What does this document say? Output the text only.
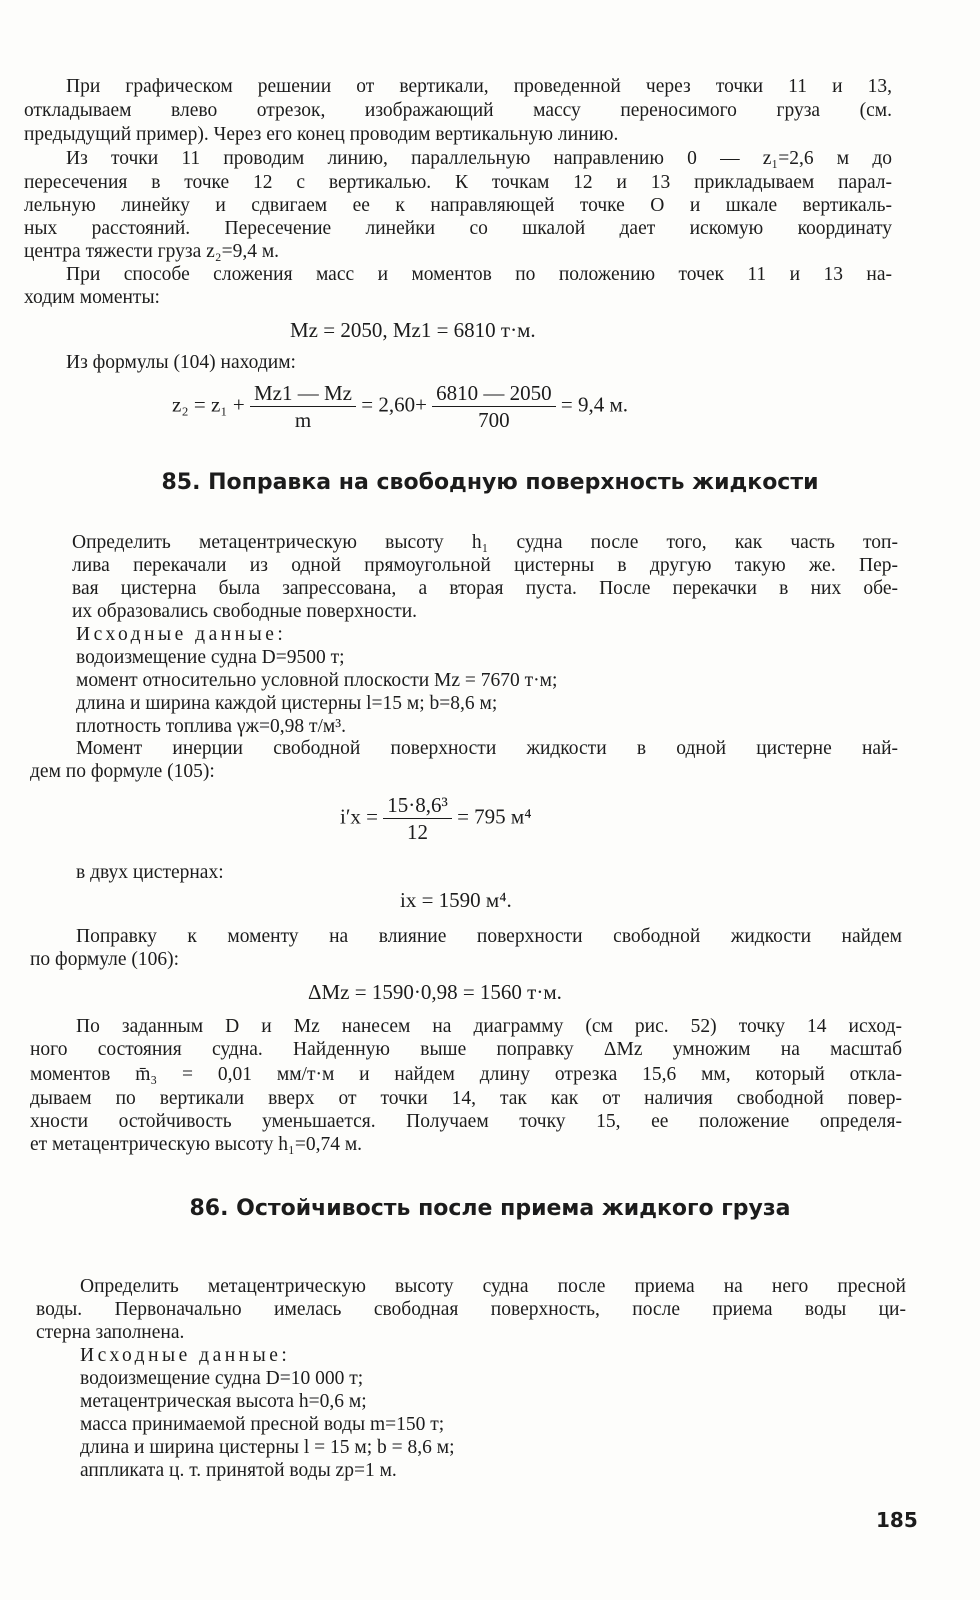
При графическом решении от вертикали, проведенной через точки 11 и 13,
откладываем влево отрезок, изображающий массу переносимого груза (см.
предыдущий пример). Через его конец проводим вертикальную линию.
Из точки 11 проводим линию, параллельную направлению 0 — z₁=2,6 м до
пересечения в точке 12 с вертикалью. К точкам 12 и 13 прикладываем парал-
лельную линейку и сдвигаем ее к направляющей точке O и шкале вертикаль-
ных расстояний. Пересечение линейки со шкалой дает искомую координату
центра тяжести груза z₂=9,4 м.
При способе сложения масс и моментов по положению точек 11 и 13 на-
ходим моменты:
Mz = 2050, Mz1 = 6810 т·м.
Из формулы (104) находим:
$z_2 = z_1 + \frac{Mz1 — Mz}{m} = 2,60+ \frac{6810 — 2050}{700} = 9,4$ м.
85. Поправка на свободную поверхность жидкости
Определить метацентрическую высоту h₁ судна после того, как часть топ-
лива перекачали из одной прямоугольной цистерны в другую такую же. Пер-
вая цистерна была запрессована, а вторая пуста. После перекачки в них обе-
их образовались свободные поверхности.
Исходные данные:
водоизмещение судна D=9500 т;
момент относительно условной плоскости Mz = 7670 т·м;
длина и ширина каждой цистерны l=15 м; b=8,6 м;
плотность топлива γж=0,98 т/м³.
Момент инерции свободной поверхности жидкости в одной цистерне най-
дем по формуле (105):
$i'x = \frac{\text{15·8,6³}}{12} = 795$ м⁴
в двух цистернах:
ix = 1590 м⁴.
Поправку к моменту на влияние поверхности свободной жидкости найдем
по формуле (106):
ΔMz = 1590·0,98 = 1560 т·м.
По заданным D и Mz нанесем на диаграмму (см рис. 52) точку 14 исход-
ного состояния судна. Найденную выше поправку ΔMz умножим на масштаб
моментов m̄₃ = 0,01 мм/т·м и найдем длину отрезка 15,6 мм, который откла-
дываем по вертикали вверх от точки 14, так как от наличия свободной повер-
хности остойчивость уменьшается. Получаем точку 15, ее положение определя-
ет метацентрическую высоту h₁=0,74 м.
86. Остойчивость после приема жидкого груза
Определить метацентрическую высоту судна после приема на него пресной
воды. Первоначально имелась свободная поверхность, после приема воды ци-
стерна заполнена.
Исходные данные:
водоизмещение судна D=10 000 т;
метацентрическая высота h=0,6 м;
масса принимаемой пресной воды m=150 т;
длина и ширина цистерны l = 15 м; b = 8,6 м;
аппликата ц. т. принятой воды zp=1 м.
185
